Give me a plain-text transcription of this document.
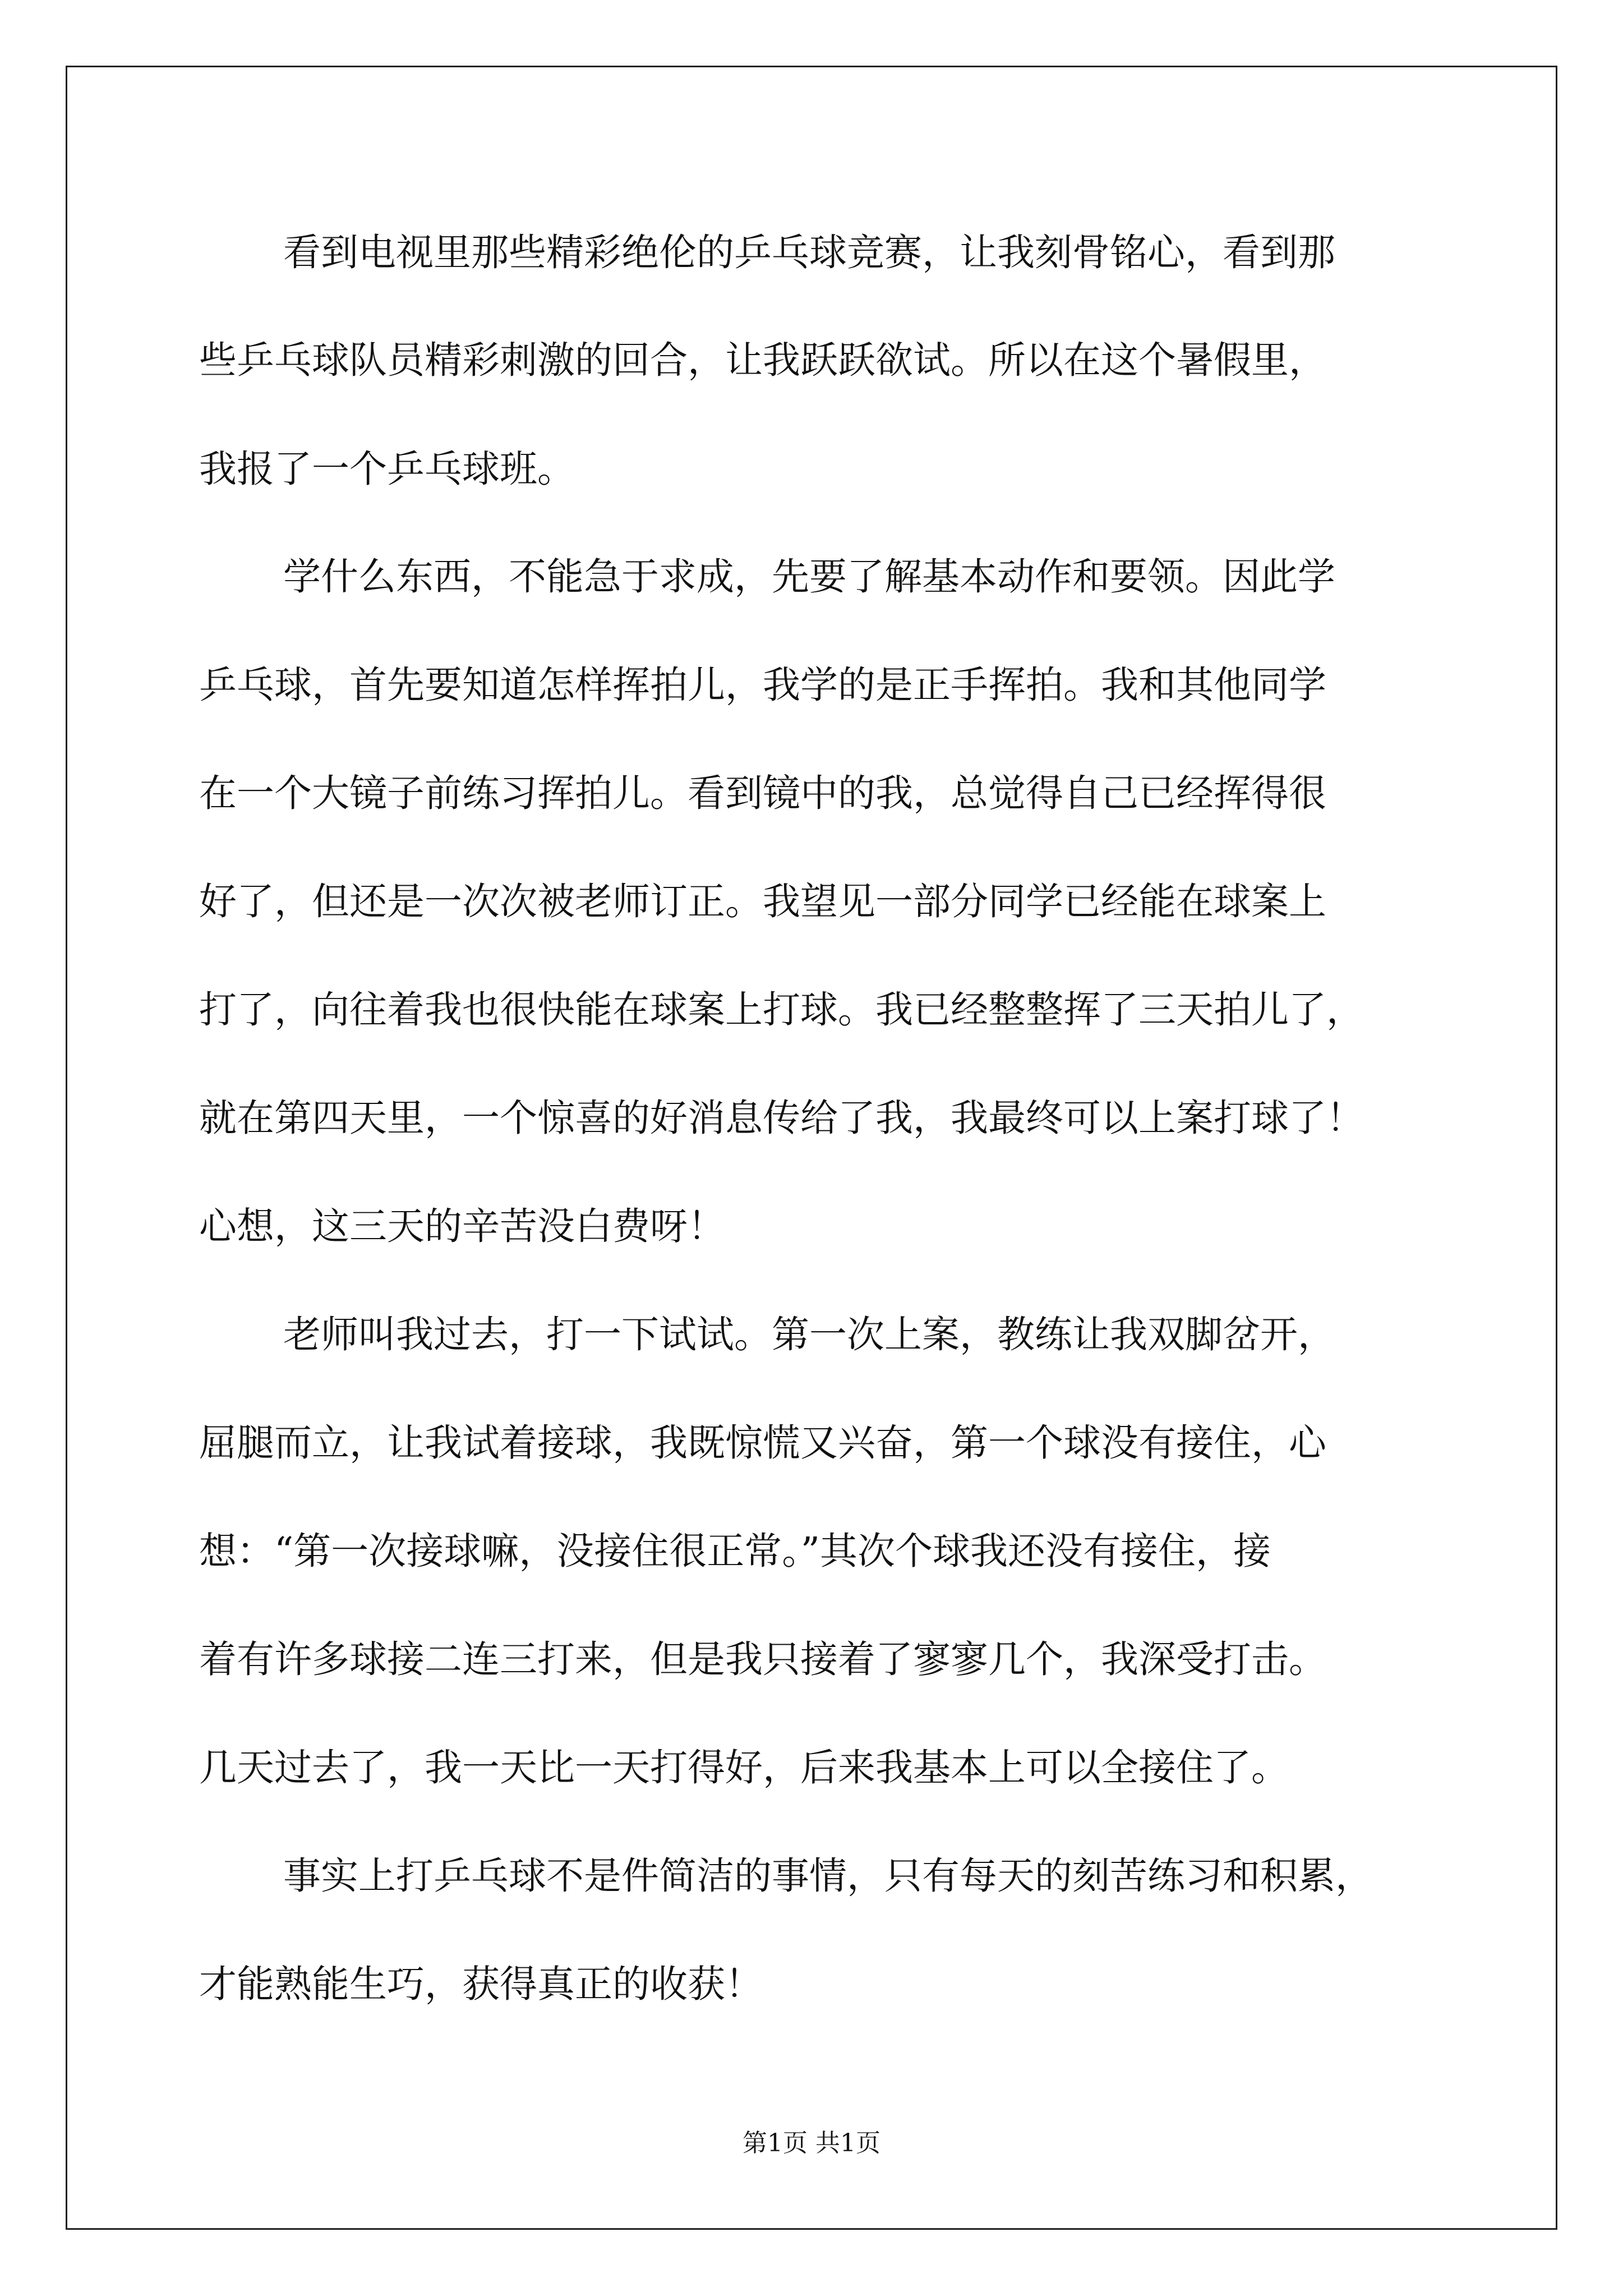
看到电视里那些精彩绝伦的乒乓球竞赛，让我刻骨铭心，看到那
些乒乓球队员精彩刺激的回合，让我跃跃欲试。所以在这个暑假里，
我报了一个乒乓球班。
学什么东西，不能急于求成，先要了解基本动作和要领。因此学
乒乓球，首先要知道怎样挥拍儿，我学的是正手挥拍。我和其他同学
在一个大镜子前练习挥拍儿。看到镜中的我，总觉得自己已经挥得很
好了，但还是一次次被老师订正。我望见一部分同学已经能在球案上
打了，向往着我也很快能在球案上打球。我已经整整挥了三天拍儿了，
就在第四天里，一个惊喜的好消息传给了我，我最终可以上案打球了！
心想，这三天的辛苦没白费呀！
老师叫我过去，打一下试试。第一次上案，教练让我双脚岔开，
屈腿而立，让我试着接球，我既惊慌又兴奋，第一个球没有接住，心
想：“第一次接球嘛，没接住很正常。”其次个球我还没有接住，接
着有许多球接二连三打来，但是我只接着了寥寥几个，我深受打击。
几天过去了，我一天比一天打得好，后来我基本上可以全接住了。
事实上打乒乓球不是件简洁的事情，只有每天的刻苦练习和积累，
才能熟能生巧，获得真正的收获！
第1页 共1页
